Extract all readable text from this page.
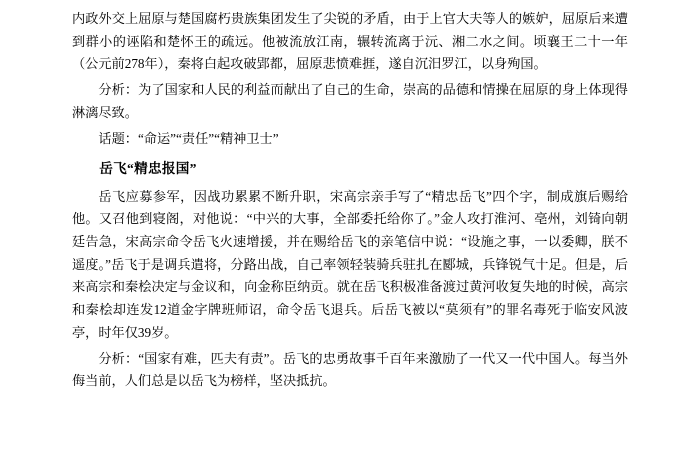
内政外交上屈原与楚国腐朽贵族集团发生了尖锐的矛盾，由于上官大夫等人的嫉妒，屈原后来遭到群小的诬陷和楚怀王的疏远。他被流放江南，辗转流离于沅、湘二水之间。顷襄王二十一年（公元前278年），秦将白起攻破郢都，屈原悲愤难捱，遂自沉汨罗江，以身殉国。

分析：为了国家和人民的利益而献出了自己的生命，崇高的品德和情操在屈原的身上体现得淋漓尽致。

话题：“命运”“责任”“精神卫士”

岳飞“精忠报国”

岳飞应募参军，因战功累累不断升职，宋高宗亲手写了“精忠岳飞”四个字，制成旗后赐给他。又召他到寝阁，对他说：“中兴的大事，全部委托给你了。”金人攻打淮河、亳州，刘锜向朝廷告急，宋高宗命令岳飞火速增援，并在赐给岳飞的亲笔信中说：“设施之事，一以委卿，朕不遥度。”岳飞于是调兵遣将，分路出战，自己率领轻装骑兵驻扎在郾城，兵锋锐气十足。但是，后来高宗和秦桧决定与金议和，向金称臣纳贡。就在岳飞积极准备渡过黄河收复失地的时候，高宗和秦桧却连发12道金字牌班师诏，命令岳飞退兵。后岳飞被以“莫须有”的罪名毒死于临安风波亭，时年仅39岁。

分析：“国家有难，匹夫有责”。岳飞的忠勇故事千百年来激励了一代又一代中国人。每当外侮当前，人们总是以岳飞为榜样，坚决抵抗。
